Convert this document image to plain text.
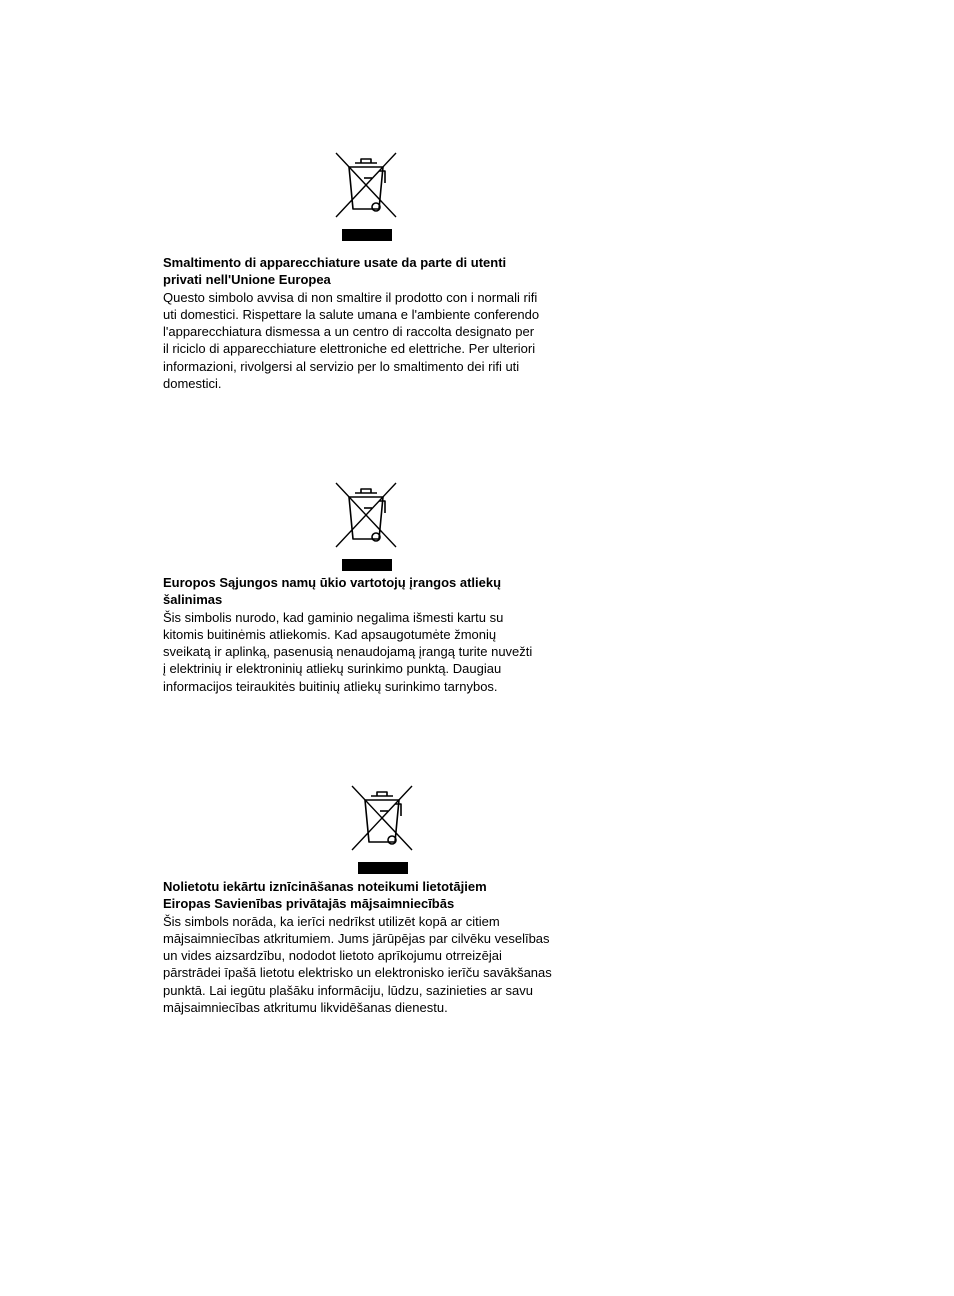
Smaltimento di apparecchiature usate da parte di utenti
privati nell'Unione Europea

Questo simbolo avvisa di non smaltire il prodotto con i normali rifi
uti domestici. Rispettare la salute umana e l'ambiente conferendo
l'apparecchiatura dismessa a un centro di raccolta designato per
il riciclo di apparecchiature elettroniche ed elettriche. Per ulteriori
informazioni, rivolgersi al servizio per lo smaltimento dei rifi uti
domestici.

Europos Sąjungos namų ūkio vartotojų įrangos atliekų
šalinimas

Šis simbolis nurodo, kad gaminio negalima išmesti kartu su
kitomis buitinėmis atliekomis. Kad apsaugotumėte žmonių
sveikatą ir aplinką, pasenusią nenaudojamą įrangą turite nuvežti
į elektrinių ir elektroninių atliekų surinkimo punktą. Daugiau
informacijos teiraukitės buitinių atliekų surinkimo tarnybos.

Nolietotu iekārtu iznīcināšanas noteikumi lietotājiem
Eiropas Savienības privātajās mājsaimniecībās

Šis simbols norāda, ka ierīci nedrīkst utilizēt kopā ar citiem
mājsaimniecības atkritumiem. Jums jārūpējas par cilvēku veselības
un vides aizsardzību, nododot lietoto aprīkojumu otrreizējai
pārstrādei īpašā lietotu elektrisko un elektronisko ierīču savākšanas
punktā. Lai iegūtu plašāku informāciju, lūdzu, sazinieties ar savu
mājsaimniecības atkritumu likvidēšanas dienestu.
